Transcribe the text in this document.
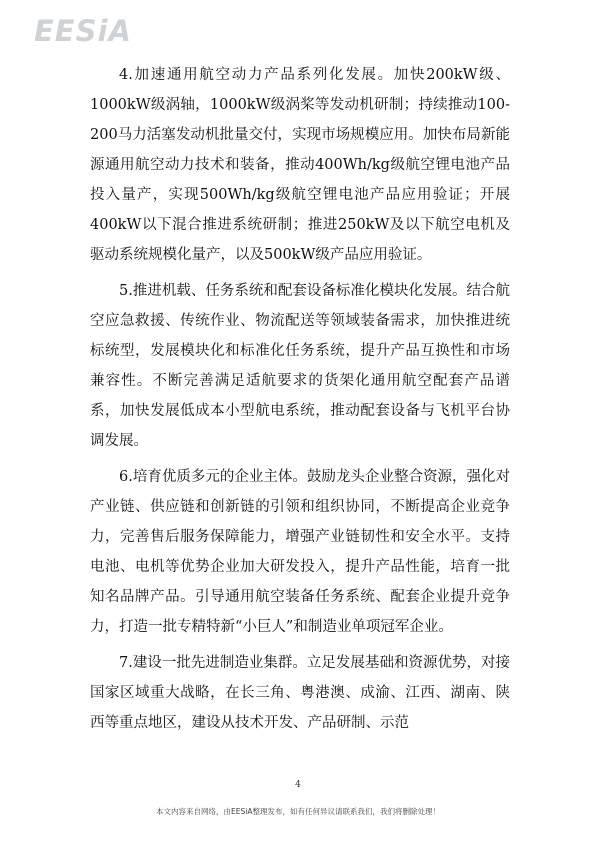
EESiA

4.加速通用航空动力产品系列化发展。加快200kW级、1000kW级涡轴，1000kW级涡桨等发动机研制；持续推动100-200马力活塞发动机批量交付，实现市场规模应用。加快布局新能源通用航空动力技术和装备，推动400Wh/kg级航空锂电池产品投入量产，实现500Wh/kg级航空锂电池产品应用验证；开展400kW以下混合推进系统研制；推进250kW及以下航空电机及驱动系统规模化量产，以及500kW级产品应用验证。

5.推进机载、任务系统和配套设备标准化模块化发展。结合航空应急救援、传统作业、物流配送等领域装备需求，加快推进统标统型，发展模块化和标准化任务系统，提升产品互换性和市场兼容性。不断完善满足适航要求的货架化通用航空配套产品谱系，加快发展低成本小型航电系统，推动配套设备与飞机平台协调发展。

6.培育优质多元的企业主体。鼓励龙头企业整合资源，强化对产业链、供应链和创新链的引领和组织协同，不断提高企业竞争力，完善售后服务保障能力，增强产业链韧性和安全水平。支持电池、电机等优势企业加大研发投入，提升产品性能，培育一批知名品牌产品。引导通用航空装备任务系统、配套企业提升竞争力，打造一批专精特新“小巨人”和制造业单项冠军企业。

7.建设一批先进制造业集群。立足发展基础和资源优势，对接国家区域重大战略，在长三角、粤港澳、成渝、江西、湖南、陕西等重点地区，建设从技术开发、产品研制、示范

4
本文内容来自网络，由EESiA整理发布，如有任何异议请联系我们，我们将删除处理！
